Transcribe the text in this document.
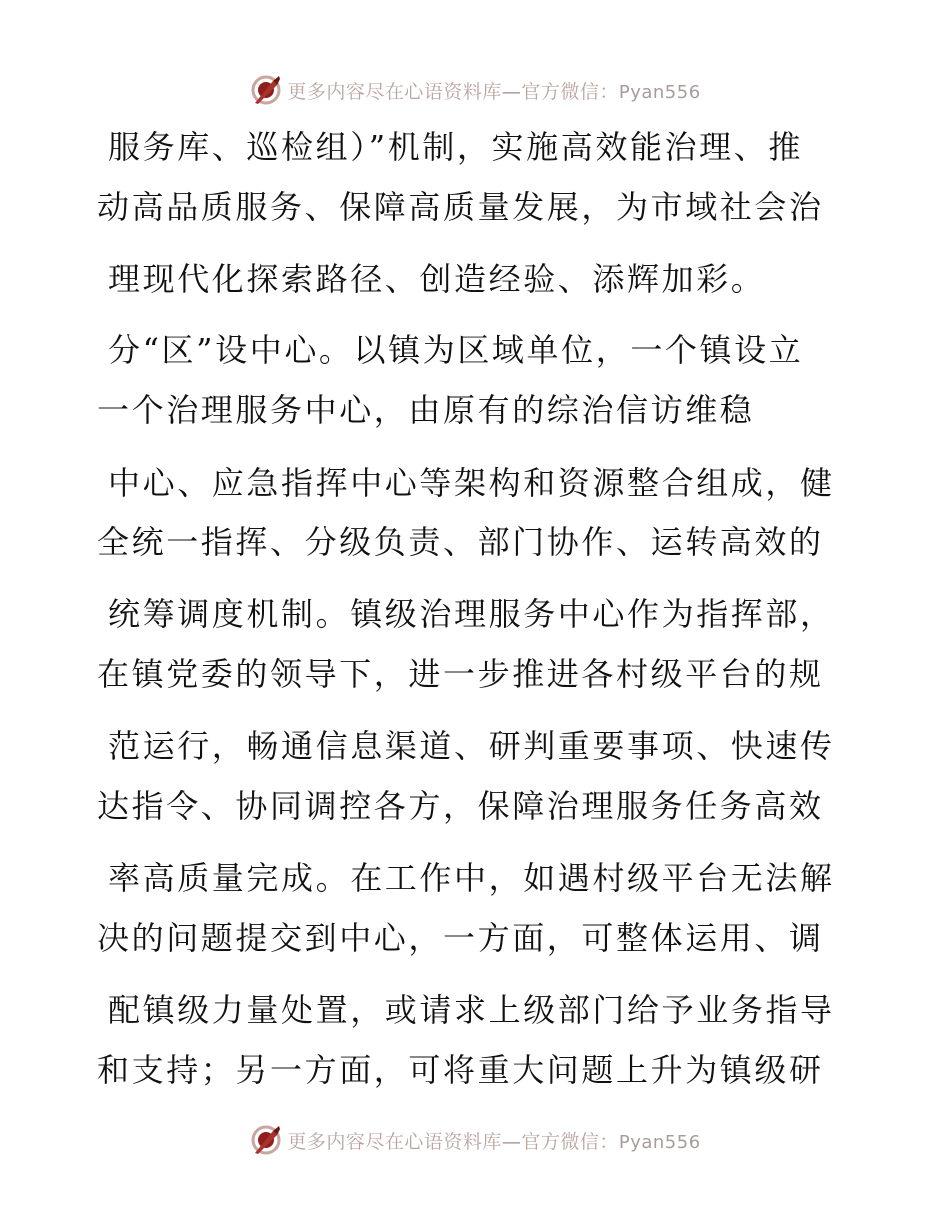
更多内容尽在心语资料库—官方微信：Pyan556
服务库、巡检组）”机制，实施高效能治理、推
动高品质服务、保障高质量发展，为市域社会治
理现代化探索路径、创造经验、添辉加彩。
分“区”设中心。以镇为区域单位，一个镇设立
一个治理服务中心，由原有的综治信访维稳
中心、应急指挥中心等架构和资源整合组成，健
全统一指挥、分级负责、部门协作、运转高效的
统筹调度机制。镇级治理服务中心作为指挥部，
在镇党委的领导下，进一步推进各村级平台的规
范运行，畅通信息渠道、研判重要事项、快速传
达指令、协同调控各方，保障治理服务任务高效
率高质量完成。在工作中，如遇村级平台无法解
决的问题提交到中心，一方面，可整体运用、调
配镇级力量处置，或请求上级部门给予业务指导
和支持；另一方面，可将重大问题上升为镇级研
更多内容尽在心语资料库—官方微信：Pyan556
